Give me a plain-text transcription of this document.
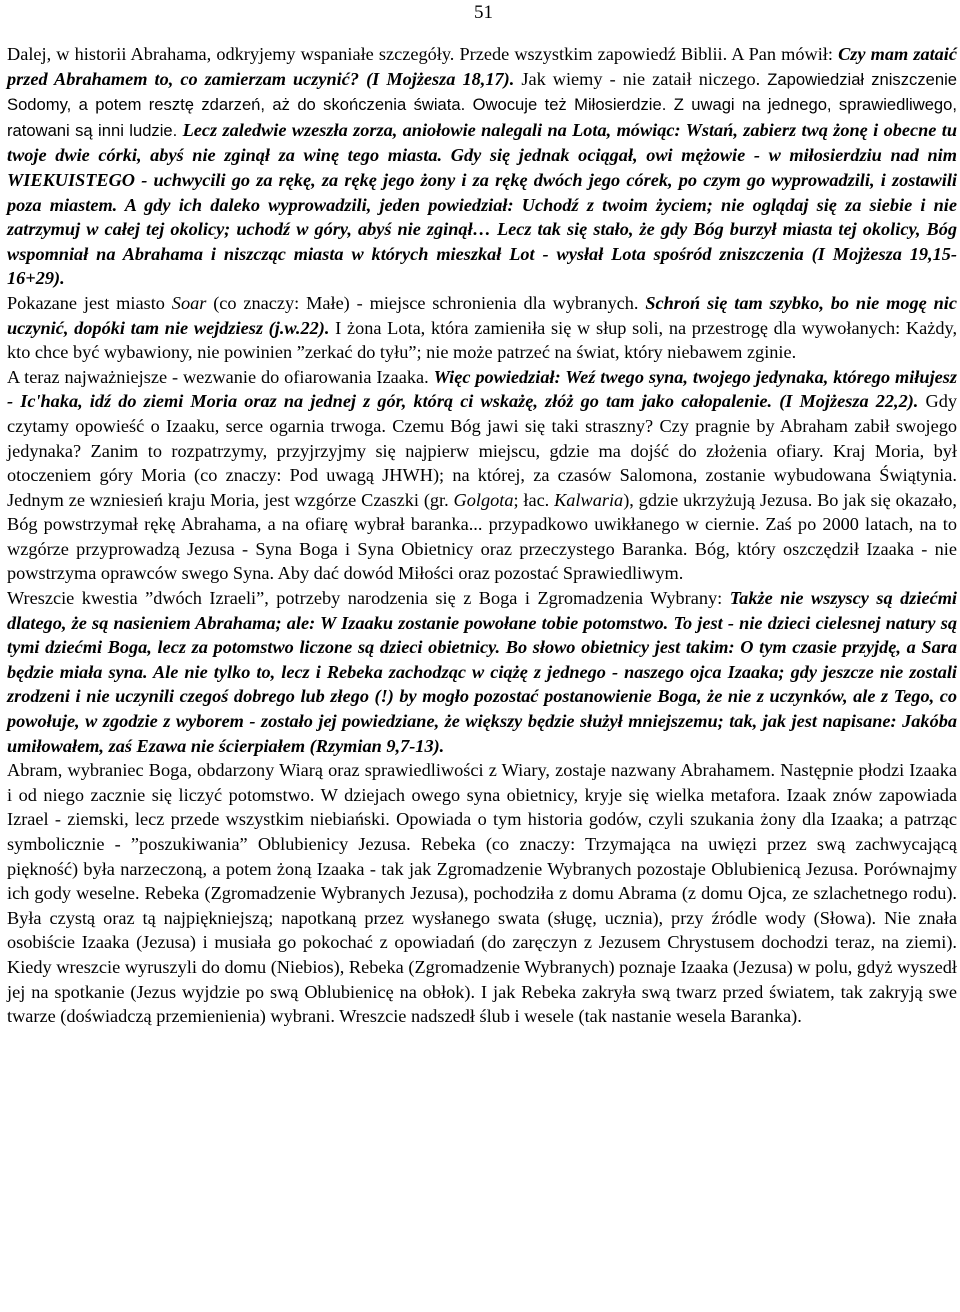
51

Dalej, w historii Abrahama, odkryjemy wspaniałe szczegóły. Przede wszystkim zapowiedź Biblii. A Pan mówił: Czy mam zataić przed Abrahamem to, co zamierzam uczynić? (I Mojżesza 18,17). Jak wiemy - nie zataił niczego. Zapowiedział zniszczenie Sodomy, a potem resztę zdarzeń, aż do skończenia świata. Owocuje też Miłosierdzie. Z uwagi na jednego, sprawiedliwego, ratowani są inni ludzie. Lecz zaledwie wzeszła zorza, aniołowie nalegali na Lota, mówiąc: Wstań, zabierz twą żonę i obecne tu twoje dwie córki, abyś nie zginął za winę tego miasta. Gdy się jednak ociągał, owi mężowie - w miłosierdziu nad nim WIEKUISTEGO - uchwycili go za rękę, za rękę jego żony i za rękę dwóch jego córek, po czym go wyprowadzili, i zostawili poza miastem. A gdy ich daleko wyprowadzili, jeden powiedział: Uchodź z twoim życiem; nie oglądaj się za siebie i nie zatrzymuj w całej tej okolicy; uchodź w góry, abyś nie zginął… Lecz tak się stało, że gdy Bóg burzył miasta tej okolicy, Bóg wspomniał na Abrahama i niszcząc miasta w których mieszkał Lot - wysłał Lota spośród zniszczenia (I Mojżesza 19,15-16+29).

Pokazane jest miasto Soar (co znaczy: Małe) - miejsce schronienia dla wybranych. Schroń się tam szybko, bo nie mogę nic uczynić, dopóki tam nie wejdziesz (j.w.22). I żona Lota, która zamieniła się w słup soli, na przestrogę dla wywołanych: Każdy, kto chce być wybawiony, nie powinien ”zerkać do tyłu”; nie może patrzeć na świat, który niebawem zginie.

A teraz najważniejsze - wezwanie do ofiarowania Izaaka. Więc powiedział: Weź twego syna, twojego jedynaka, którego miłujesz - Ic'haka, idź do ziemi Moria oraz na jednej z gór, którą ci wskażę, złóż go tam jako całopalenie. (I Mojżesza 22,2). Gdy czytamy opowieść o Izaaku, serce ogarnia trwoga. Czemu Bóg jawi się taki straszny? Czy pragnie by Abraham zabił swojego jedynaka? Zanim to rozpatrzymy, przyjrzyjmy się najpierw miejscu, gdzie ma dojść do złożenia ofiary. Kraj Moria, był otoczeniem góry Moria (co znaczy: Pod uwagą JHWH); na której, za czasów Salomona, zostanie wybudowana Świątynia. Jednym ze wzniesień kraju Moria, jest wzgórze Czaszki (gr. Golgota; łac. Kalwaria), gdzie ukrzyżują Jezusa. Bo jak się okazało, Bóg powstrzymał rękę Abrahama, a na ofiarę wybrał baranka... przypadkowo uwikłanego w ciernie. Zaś po 2000 latach, na to wzgórze przyprowadzą Jezusa - Syna Boga i Syna Obietnicy oraz przeczystego Baranka. Bóg, który oszczędził Izaaka - nie powstrzyma oprawców swego Syna. Aby dać dowód Miłości oraz pozostać Sprawiedliwym.

Wreszcie kwestia ”dwóch Izraeli”, potrzeby narodzenia się z Boga i Zgromadzenia Wybrany: Także nie wszyscy są dziećmi dlatego, że są nasieniem Abrahama; ale: W Izaaku zostanie powołane tobie potomstwo. To jest - nie dzieci cielesnej natury są tymi dziećmi Boga, lecz za potomstwo liczone są dzieci obietnicy. Bo słowo obietnicy jest takim: O tym czasie przyjdę, a Sara będzie miała syna. Ale nie tylko to, lecz i Rebeka zachodząc w ciążę z jednego - naszego ojca Izaaka; gdy jeszcze nie zostali zrodzeni i nie uczynili czegoś dobrego lub złego (!) by mogło pozostać postanowienie Boga, że nie z uczynków, ale z Tego, co powołuje, w zgodzie z wyborem - zostało jej powiedziane, że większy będzie służył mniejszemu; tak, jak jest napisane: Jakóba umiłowałem, zaś Ezawa nie ścierpiałem (Rzymian 9,7-13).

Abram, wybraniec Boga, obdarzony Wiarą oraz sprawiedliwości z Wiary, zostaje nazwany Abrahamem. Następnie płodzi Izaaka i od niego zacznie się liczyć potomstwo. W dziejach owego syna obietnicy, kryje się wielka metafora. Izaak znów zapowiada Izrael - ziemski, lecz przede wszystkim niebiański. Opowiada o tym historia godów, czyli szukania żony dla Izaaka; a patrząc symbolicznie - ”poszukiwania” Oblubienicy Jezusa. Rebeka (co znaczy: Trzymająca na uwięzi przez swą zachwycającą piękność) była narzeczoną, a potem żoną Izaaka - tak jak Zgromadzenie Wybranych pozostaje Oblubienicą Jezusa. Porównajmy ich gody weselne. Rebeka (Zgromadzenie Wybranych Jezusa), pochodziła z domu Abrama (z domu Ojca, ze szlachetnego rodu). Była czystą oraz tą najpiękniejszą; napotkaną przez wysłanego swata (sługę, ucznia), przy źródle wody (Słowa). Nie znała osobiście Izaaka (Jezusa) i musiała go pokochać z opowiadań (do zaręczyn z Jezusem Chrystusem dochodzi teraz, na ziemi). Kiedy wreszcie wyruszyli do domu (Niebios), Rebeka (Zgromadzenie Wybranych) poznaje Izaaka (Jezusa) w polu, gdyż wyszedł jej na spotkanie (Jezus wyjdzie po swą Oblubienicę na obłok). I jak Rebeka zakryła swą twarz przed światem, tak zakryją swe twarze (doświadczą przemienienia) wybrani. Wreszcie nadszedł ślub i wesele (tak nastanie wesela Baranka).
